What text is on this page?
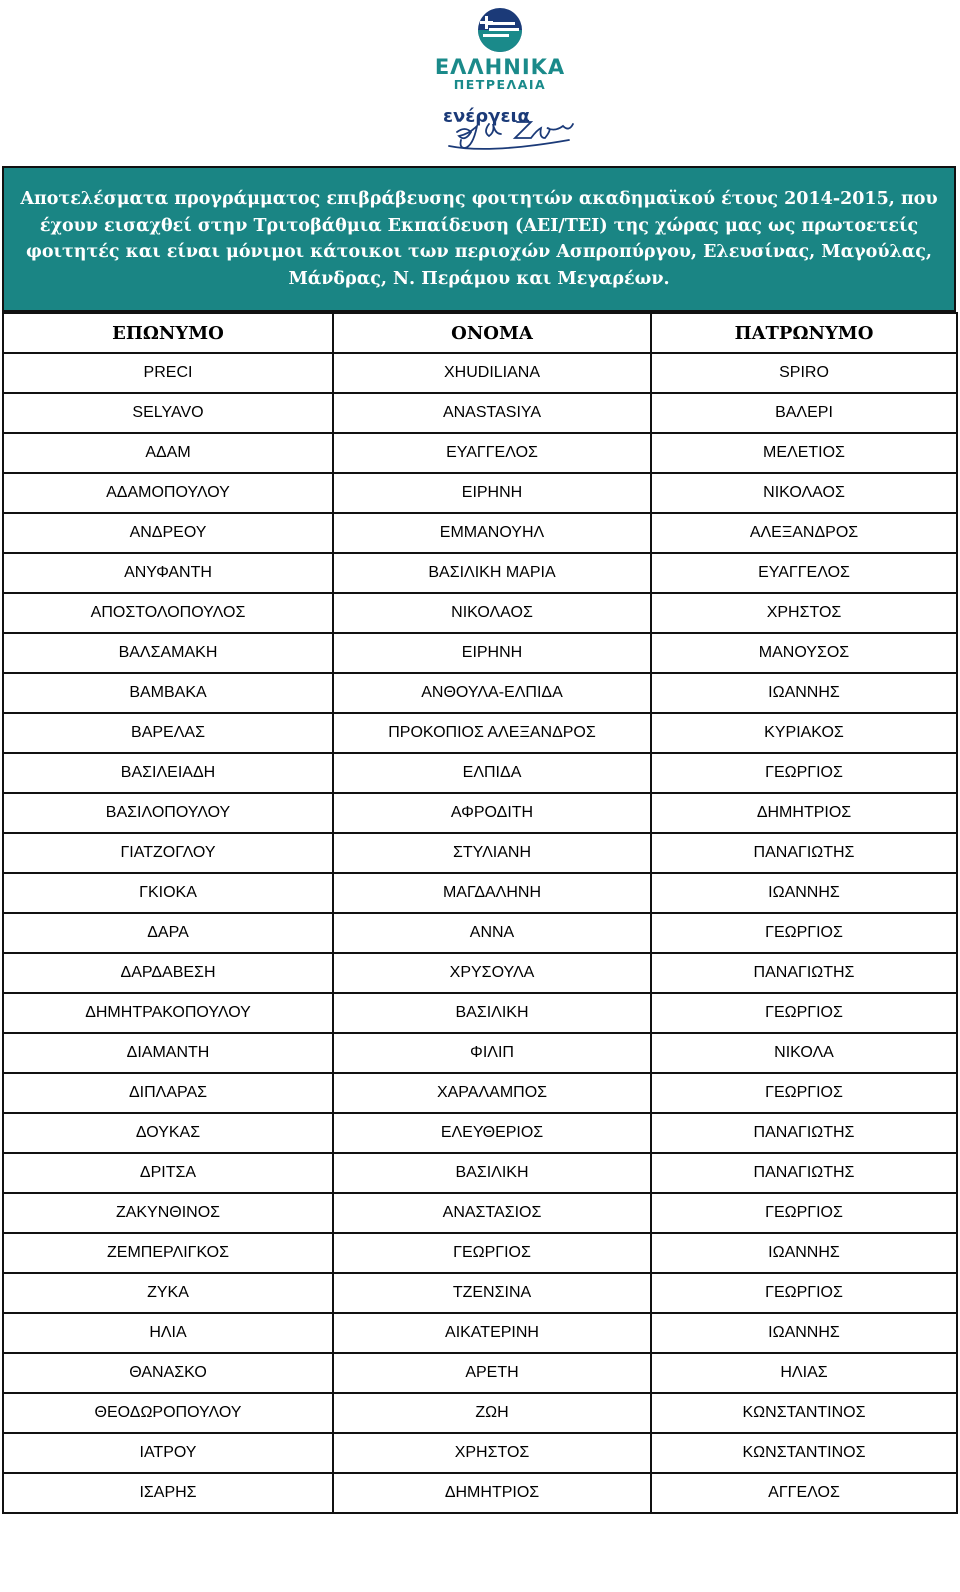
ΕΛΛΗΝΙΚΑ
ΠΕΤΡΕΛΑΙΑ
ενέργεια
Αποτελέσματα προγράμματος επιβράβευσης φοιτητών ακαδημαϊκού έτους 2014-2015, που έχουν εισαχθεί στην Τριτοβάθμια Εκπαίδευση (ΑΕΙ/ΤΕΙ) της χώρας μας ως πρωτοετείς φοιτητές και είναι μόνιμοι κάτοικοι των περιοχών Ασπροπύργου, Ελευσίνας, Μαγούλας, Μάνδρας, Ν. Περάμου και Μεγαρέων.
ΕΠΩΝΥΜΟ	ΟΝΟΜΑ	ΠΑΤΡΩΝΥΜΟ
PRECI	XHUDILIANA	SPIRO
SELYAVO	ANASTASIYA	ΒΑΛΕΡΙ
ΑΔΑΜ	ΕΥΑΓΓΕΛΟΣ	ΜΕΛΕΤΙΟΣ
ΑΔΑΜΟΠΟΥΛΟΥ	ΕΙΡΗΝΗ	ΝΙΚΟΛΑΟΣ
ΑΝΔΡΕΟΥ	ΕΜΜΑΝΟΥΗΛ	ΑΛΕΞΑΝΔΡΟΣ
ΑΝΥΦΑΝΤΗ	ΒΑΣΙΛΙΚΗ ΜΑΡΙΑ	ΕΥΑΓΓΕΛΟΣ
ΑΠΟΣΤΟΛΟΠΟΥΛΟΣ	ΝΙΚΟΛΑΟΣ	ΧΡΗΣΤΟΣ
ΒΑΛΣΑΜΑΚΗ	ΕΙΡΗΝΗ	ΜΑΝΟΥΣΟΣ
ΒΑΜΒΑΚΑ	ΑΝΘΟΥΛΑ-ΕΛΠΙΔΑ	ΙΩΑΝΝΗΣ
ΒΑΡΕΛΑΣ	ΠΡΟΚΟΠΙΟΣ ΑΛΕΞΑΝΔΡΟΣ	ΚΥΡΙΑΚΟΣ
ΒΑΣΙΛΕΙΑΔΗ	ΕΛΠΙΔΑ	ΓΕΩΡΓΙΟΣ
ΒΑΣΙΛΟΠΟΥΛΟΥ	ΑΦΡΟΔΙΤΗ	ΔΗΜΗΤΡΙΟΣ
ΓΙΑΤΖΟΓΛΟΥ	ΣΤΥΛΙΑΝΗ	ΠΑΝΑΓΙΩΤΗΣ
ΓΚΙΟΚΑ	ΜΑΓΔΑΛΗΝΗ	ΙΩΑΝΝΗΣ
ΔΑΡΑ	ΑΝΝΑ	ΓΕΩΡΓΙΟΣ
ΔΑΡΔΑΒΕΣΗ	ΧΡΥΣΟΥΛΑ	ΠΑΝΑΓΙΩΤΗΣ
ΔΗΜΗΤΡΑΚΟΠΟΥΛΟΥ	ΒΑΣΙΛΙΚΗ	ΓΕΩΡΓΙΟΣ
ΔΙΑΜΑΝΤΗ	ΦΙΛΙΠ	ΝΙΚΟΛΑ
ΔΙΠΛΑΡΑΣ	ΧΑΡΑΛΑΜΠΟΣ	ΓΕΩΡΓΙΟΣ
ΔΟΥΚΑΣ	ΕΛΕΥΘΕΡΙΟΣ	ΠΑΝΑΓΙΩΤΗΣ
ΔΡΙΤΣΑ	ΒΑΣΙΛΙΚΗ	ΠΑΝΑΓΙΩΤΗΣ
ΖΑΚΥΝΘΙΝΟΣ	ΑΝΑΣΤΑΣΙΟΣ	ΓΕΩΡΓΙΟΣ
ΖΕΜΠΕΡΛΙΓΚΟΣ	ΓΕΩΡΓΙΟΣ	ΙΩΑΝΝΗΣ
ΖΥΚΑ	ΤΖΕΝΣΙΝΑ	ΓΕΩΡΓΙΟΣ
ΗΛΙΑ	ΑΙΚΑΤΕΡΙΝΗ	ΙΩΑΝΝΗΣ
ΘΑΝΑΣΚΟ	ΑΡΕΤΗ	ΗΛΙΑΣ
ΘΕΟΔΩΡΟΠΟΥΛΟΥ	ΖΩΗ	ΚΩΝΣΤΑΝΤΙΝΟΣ
ΙΑΤΡΟΥ	ΧΡΗΣΤΟΣ	ΚΩΝΣΤΑΝΤΙΝΟΣ
ΙΣΑΡΗΣ	ΔΗΜΗΤΡΙΟΣ	ΑΓΓΕΛΟΣ
